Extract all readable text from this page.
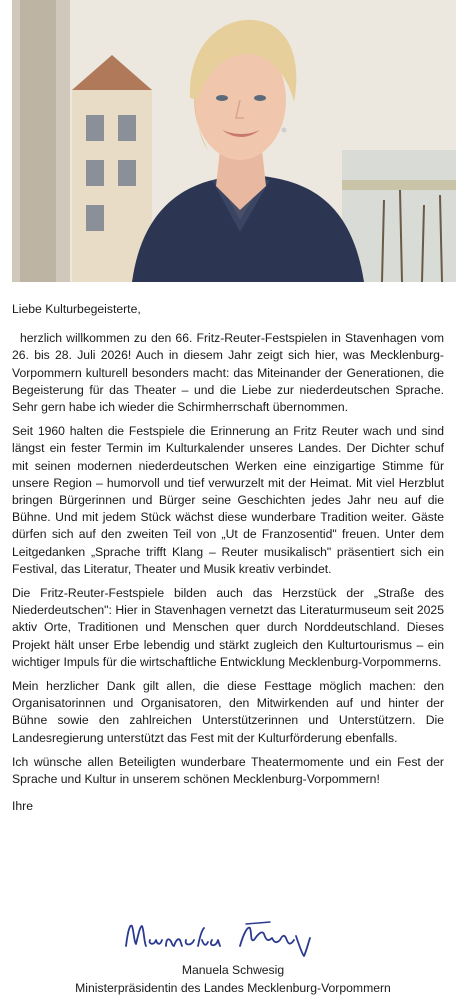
Liebe Kulturbegeisterte,

herzlich willkommen zu den 66. Fritz-Reuter-Festspielen in Stavenhagen vom 26. bis 28. Juli 2026! Auch in diesem Jahr zeigt sich hier, was Mecklenburg-Vorpommern kulturell besonders macht: das Miteinander der Generationen, die Begeisterung für das Theater – und die Liebe zur niederdeutschen Sprache. Sehr gern habe ich wieder die Schirmherrschaft übernommen.

Seit 1960 halten die Festspiele die Erinnerung an Fritz Reuter wach und sind längst ein fester Termin im Kulturkalender unseres Landes. Der Dichter schuf mit seinen modernen niederdeutschen Werken eine einzigartige Stimme für unsere Region – humorvoll und tief verwurzelt mit der Heimat. Mit viel Herzblut bringen Bürgerinnen und Bürger seine Geschichten jedes Jahr neu auf die Bühne. Und mit jedem Stück wächst diese wunderbare Tradition weiter. Gäste dürfen sich auf den zweiten Teil von „Ut de Franzosentid" freuen. Unter dem Leitgedanken „Sprache trifft Klang – Reuter musikalisch" präsentiert sich ein Festival, das Literatur, Theater und Musik kreativ verbindet.

Die Fritz-Reuter-Festspiele bilden auch das Herzstück der „Straße des Niederdeutschen": Hier in Stavenhagen vernetzt das Literaturmuseum seit 2025 aktiv Orte, Traditionen und Menschen quer durch Norddeutschland. Dieses Projekt hält unser Erbe lebendig und stärkt zugleich den Kulturtourismus – ein wichtiger Impuls für die wirtschaftliche Entwicklung Mecklenburg-Vorpommerns.

Mein herzlicher Dank gilt allen, die diese Festtage möglich machen: den Organisatorinnen und Organisatoren, den Mitwirkenden auf und hinter der Bühne sowie den zahlreichen Unterstützerinnen und Unterstützern. Die Landesregierung unterstützt das Fest mit der Kulturförderung ebenfalls.

Ich wünsche allen Beteiligten wunderbare Theatermomente und ein Fest der Sprache und Kultur in unserem schönen Mecklenburg-Vorpommern!

Ihre

Manuela Schwesig
Ministerpräsidentin des Landes Mecklenburg-Vorpommern
